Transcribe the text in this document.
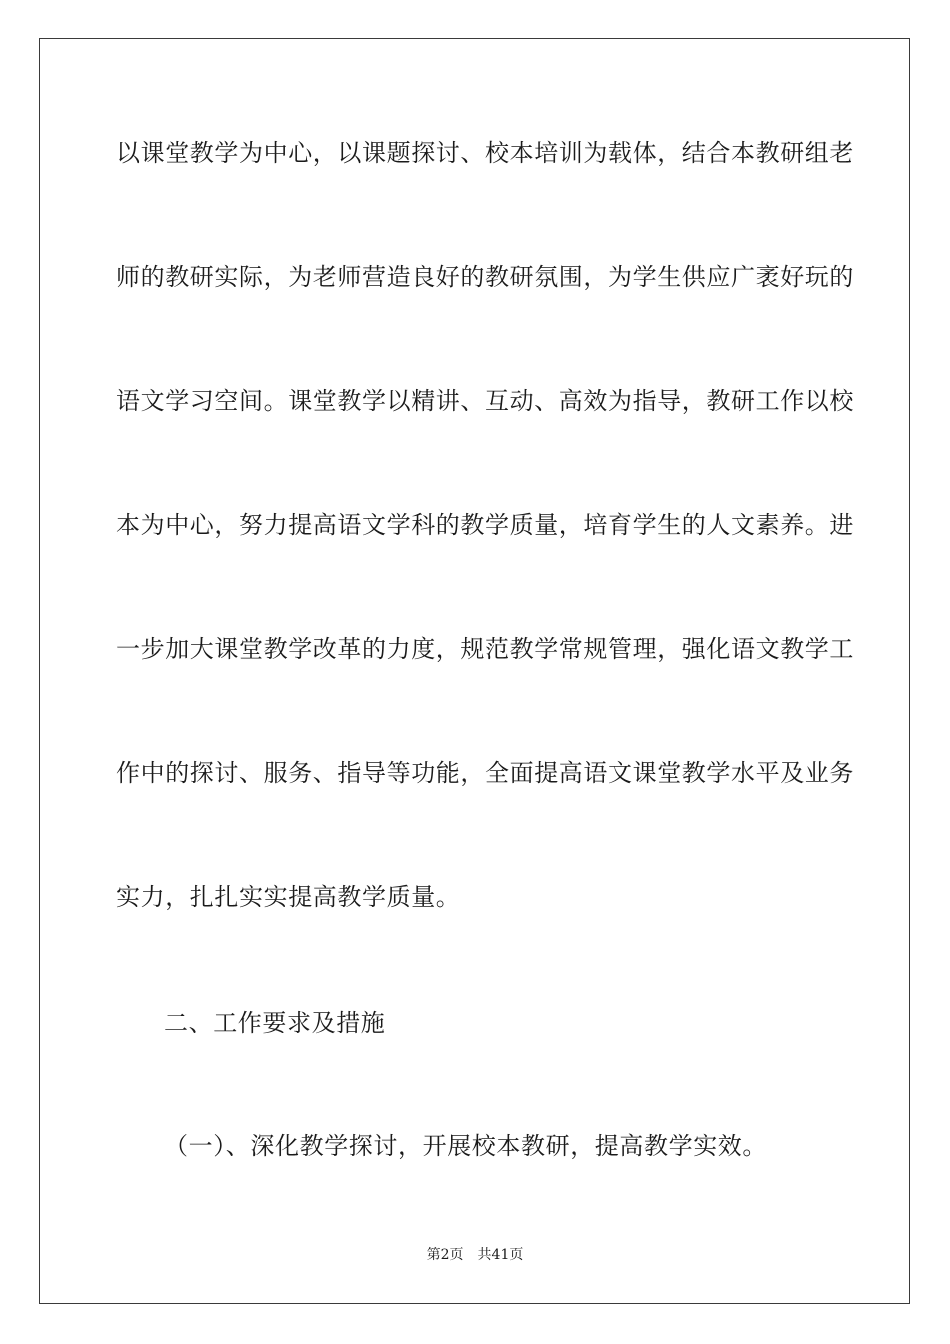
以课堂教学为中心，以课题探讨、校本培训为载体，结合本教研组老
师的教研实际，为老师营造良好的教研氛围，为学生供应广袤好玩的
语文学习空间。课堂教学以精讲、互动、高效为指导，教研工作以校
本为中心，努力提高语文学科的教学质量，培育学生的人文素养。进
一步加大课堂教学改革的力度，规范教学常规管理，强化语文教学工
作中的探讨、服务、指导等功能，全面提高语文课堂教学水平及业务
实力，扎扎实实提高教学质量。
二、工作要求及措施
（一）、深化教学探讨，开展校本教研，提高教学实效。
第2页 共41页
